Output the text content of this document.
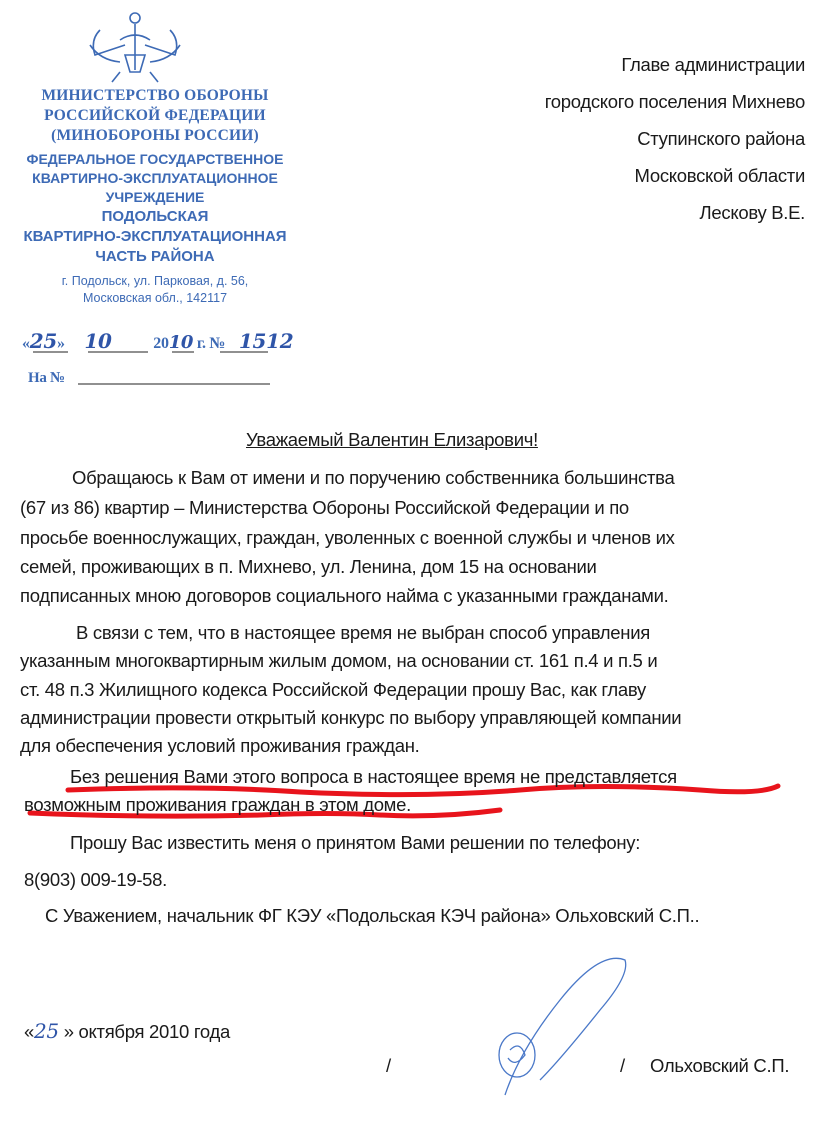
МИНИСТЕРСТВО ОБОРОНЫ
РОССИЙСКОЙ ФЕДЕРАЦИИ
(МИНОБОРОНЫ РОССИИ)
ФЕДЕРАЛЬНОЕ ГОСУДАРСТВЕННОЕ
КВАРТИРНО-ЭКСПЛУАТАЦИОННОЕ
УЧРЕЖДЕНИЕ
ПОДОЛЬСКАЯ
КВАРТИРНО-ЭКСПЛУАТАЦИОННАЯ
ЧАСТЬ РАЙОНА
г. Подольск, ул. Парковая, д. 56,
Московская обл., 142117
«25» 10	2010 г. № 1512
На №
Главе администрации
городского поселения Михнево
Ступинского района
Московской области
Лескову В.Е.
Уважаемый Валентин Елизарович!
Обращаюсь к Вам от имени и по поручению собственника большинства
(67 из 86) квартир – Министерства Обороны Российской Федерации и по
просьбе военнослужащих, граждан, уволенных с военной службы и членов их
семей, проживающих в п. Михнево, ул. Ленина, дом 15 на основании
подписанных мною договоров социального найма с указанными гражданами.
В связи с тем, что в настоящее время не выбран способ управления
указанным многоквартирным жилым домом, на основании ст. 161 п.4 и п.5 и
ст. 48 п.3 Жилищного кодекса Российской Федерации прошу Вас, как главу
администрации провести открытый конкурс по выбору управляющей компании
для обеспечения условий проживания граждан.
Без решения Вами этого вопроса в настоящее время не представляется
возможным проживания граждан в этом доме.
Прошу Вас известить меня о принятом Вами решении по телефону:
8(903) 009-19-58.
С Уважением, начальник ФГ КЭУ «Подольская КЭЧ района» Ольховский С.П..
«25 » октября 2010 года
/	/ Ольховский С.П.
